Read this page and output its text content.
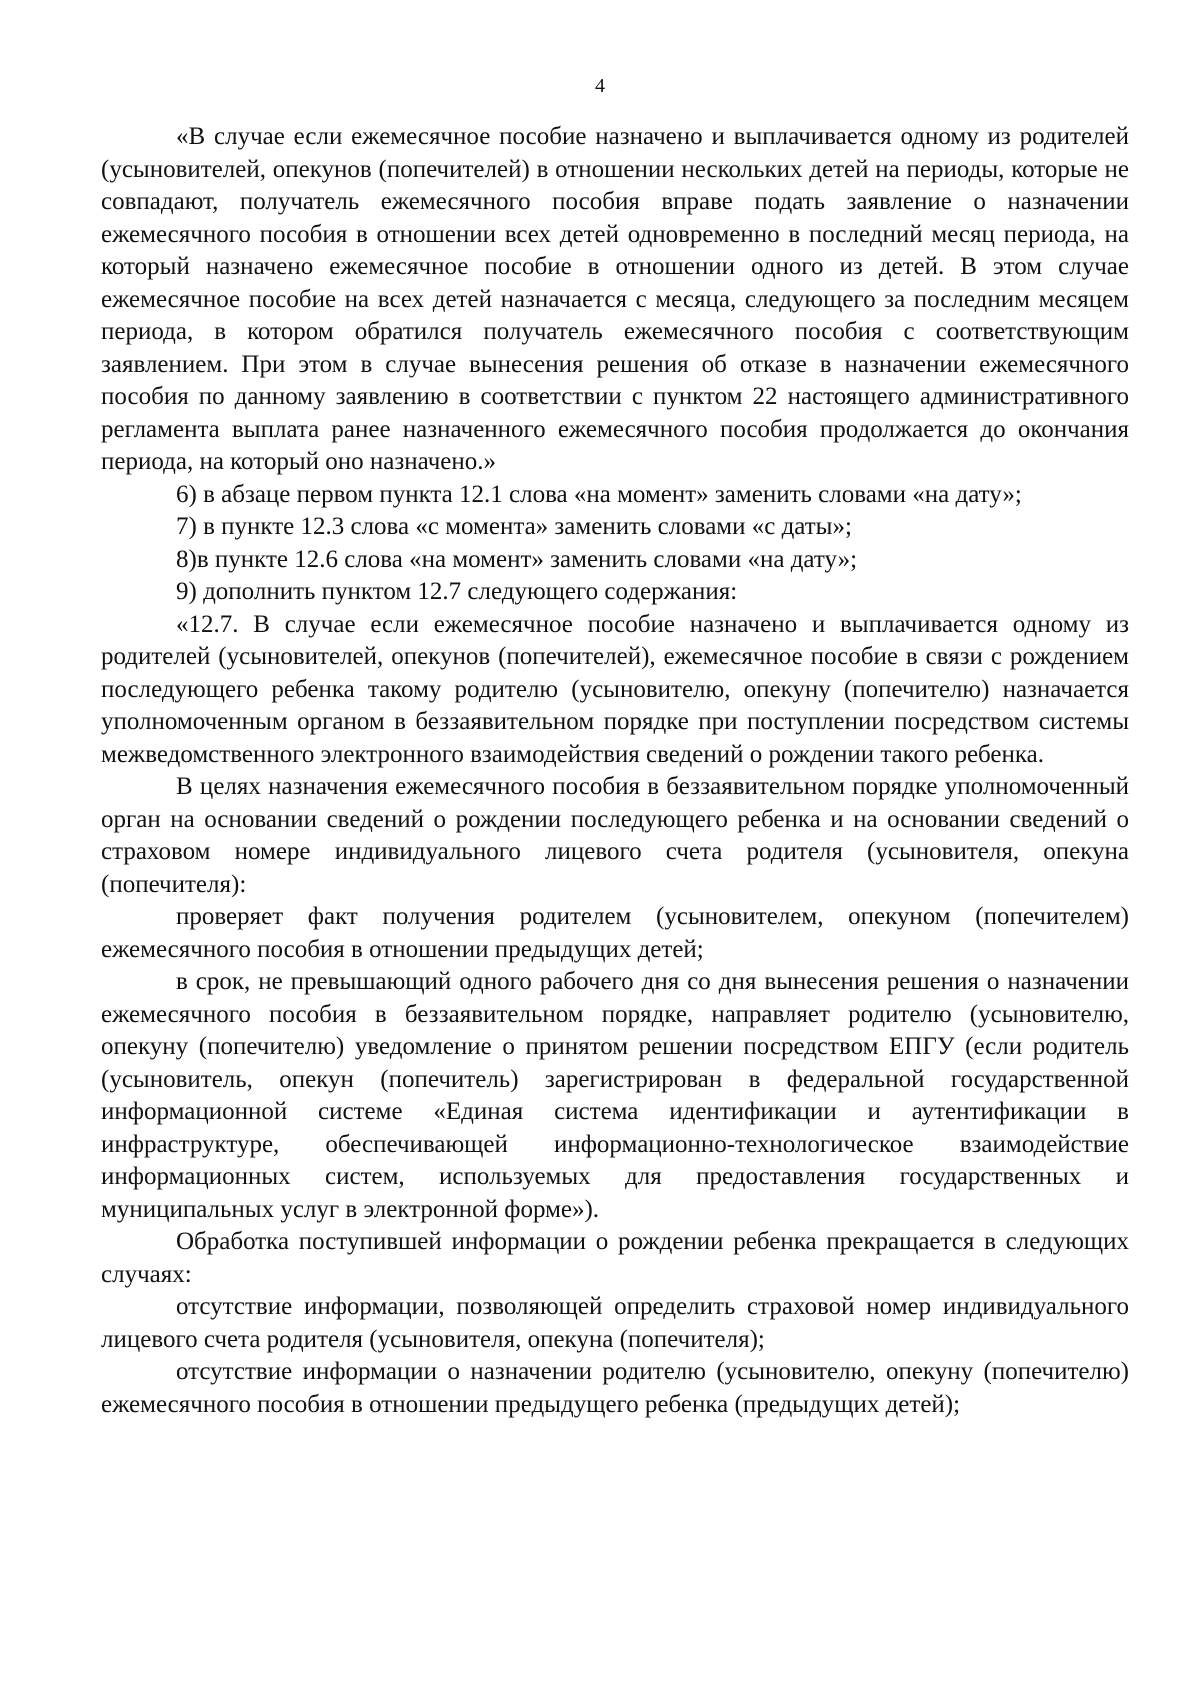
4

«В случае если ежемесячное пособие назначено и выплачивается одному из родителей (усыновителей, опекунов (попечителей) в отношении нескольких детей на периоды, которые не совпадают, получатель ежемесячного пособия вправе подать заявление о назначении ежемесячного пособия в отношении всех детей одновременно в последний месяц периода, на который назначено ежемесячное пособие в отношении одного из детей. В этом случае ежемесячное пособие на всех детей назначается с месяца, следующего за последним месяцем периода, в котором обратился получатель ежемесячного пособия с соответствующим заявлением. При этом в случае вынесения решения об отказе в назначении ежемесячного пособия по данному заявлению в соответствии с пунктом 22 настоящего административного регламента выплата ранее назначенного ежемесячного пособия продолжается до окончания периода, на который оно назначено.»

6) в абзаце первом пункта 12.1 слова «на момент» заменить словами «на дату»;

7) в пункте 12.3 слова «с момента» заменить словами «с даты»;

8)в пункте 12.6 слова «на момент» заменить словами «на дату»;

9) дополнить пунктом 12.7 следующего содержания:

«12.7. В случае если ежемесячное пособие назначено и выплачивается одному из родителей (усыновителей, опекунов (попечителей), ежемесячное пособие в связи с рождением последующего ребенка такому родителю (усыновителю, опекуну (попечителю) назначается уполномоченным органом в беззаявительном порядке при поступлении посредством системы межведомственного электронного взаимодействия сведений о рождении такого ребенка.

В целях назначения ежемесячного пособия в беззаявительном порядке уполномоченный орган на основании сведений о рождении последующего ребенка и на основании сведений о страховом номере индивидуального лицевого счета родителя (усыновителя, опекуна (попечителя):

проверяет факт получения родителем (усыновителем, опекуном (попечителем) ежемесячного пособия в отношении предыдущих детей;

в срок, не превышающий одного рабочего дня со дня вынесения решения о назначении ежемесячного пособия в беззаявительном порядке, направляет родителю (усыновителю, опекуну (попечителю) уведомление о принятом решении посредством ЕПГУ (если родитель (усыновитель, опекун (попечитель) зарегистрирован в федеральной государственной информационной системе «Единая система идентификации и аутентификации в инфраструктуре, обеспечивающей информационно-технологическое взаимодействие информационных систем, используемых для предоставления государственных и муниципальных услуг в электронной форме»).

Обработка поступившей информации о рождении ребенка прекращается в следующих случаях:

отсутствие информации, позволяющей определить страховой номер индивидуального лицевого счета родителя (усыновителя, опекуна (попечителя);

отсутствие информации о назначении родителю (усыновителю, опекуну (попечителю) ежемесячного пособия в отношении предыдущего ребенка (предыдущих детей);
